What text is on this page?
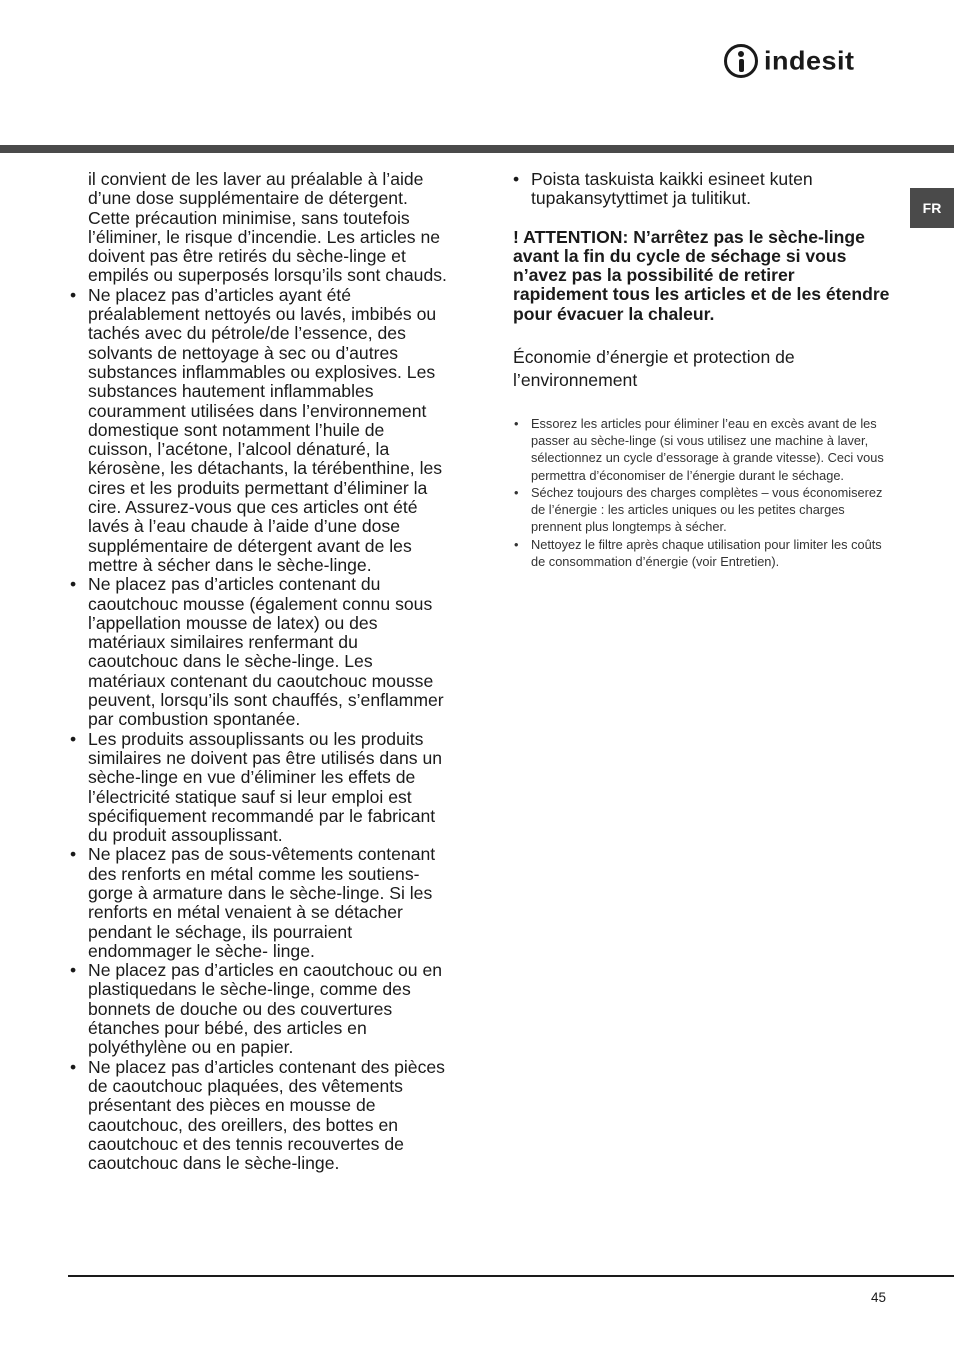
indesit
FR

il convient de les laver au préalable à l’aide d’une dose supplémentaire de détergent. Cette précaution minimise, sans toutefois l’éliminer, le risque d’incendie. Les articles ne doivent pas être retirés du sèche-linge et empilés ou superposés lorsqu’ils sont chauds.

• Ne placez pas d’articles ayant été préalablement nettoyés ou lavés, imbibés ou tachés avec du pétrole/de l’essence, des solvants de nettoyage à sec ou d’autres substances inflammables ou explosives. Les substances hautement inflammables couramment utilisées dans l’environnement domestique sont notamment l’huile de cuisson, l’acétone, l’alcool dénaturé, la kérosène, les détachants, la térébenthine, les cires et les produits permettant d’éliminer la cire. Assurez-vous que ces articles ont été lavés à l’eau chaude à l’aide d’une dose supplémentaire de détergent avant de les mettre à sécher dans le sèche-linge.
• Ne placez pas d’articles contenant du caoutchouc mousse (également connu sous l’appellation mousse de latex) ou des matériaux similaires renfermant du caoutchouc dans le sèche-linge. Les matériaux contenant du caoutchouc mousse peuvent, lorsqu’ils sont chauffés, s’enflammer par combustion spontanée.
• Les produits assouplissants ou les produits similaires ne doivent pas être utilisés dans un sèche-linge en vue d’éliminer les effets de l’électricité statique sauf si leur emploi est spécifiquement recommandé par le fabricant du produit assouplissant.
• Ne placez pas de sous-vêtements contenant des renforts en métal comme les soutiens-gorge à armature dans le sèche-linge. Si les renforts en métal venaient à se détacher pendant le séchage, ils pourraient endommager le sèche- linge.
• Ne placez pas d’articles en caoutchouc ou en plastiquedans le sèche-linge, comme des bonnets de douche ou des couvertures étanches pour bébé, des articles en polyéthylène ou en papier.
• Ne placez pas d’articles contenant des pièces de caoutchouc plaquées, des vêtements présentant des pièces en mousse de caoutchouc, des oreillers, des bottes en caoutchouc et des tennis recouvertes de caoutchouc dans le sèche-linge.
• Poista taskuista kaikki esineet kuten tupakansytyttimet ja tulitikut.
! ATTENTION: N’arrêtez pas le sèche-linge avant la fin du cycle de séchage si vous n’avez pas la possibilité de retirer rapidement tous les articles et de les étendre pour évacuer la chaleur.
Économie d’énergie et protection de l’environnement
• Essorez les articles pour éliminer l’eau en excès avant de les passer au sèche-linge (si vous utilisez une machine à laver, sélectionnez un cycle d’essorage à grande vitesse). Ceci vous permettra d’économiser de l’énergie durant le séchage.
• Séchez toujours des charges complètes – vous économiserez de l’énergie : les articles uniques ou les petites charges prennent plus longtemps à sécher.
• Nettoyez le filtre après chaque utilisation pour limiter les coûts de consommation d’énergie (voir Entretien).
45
